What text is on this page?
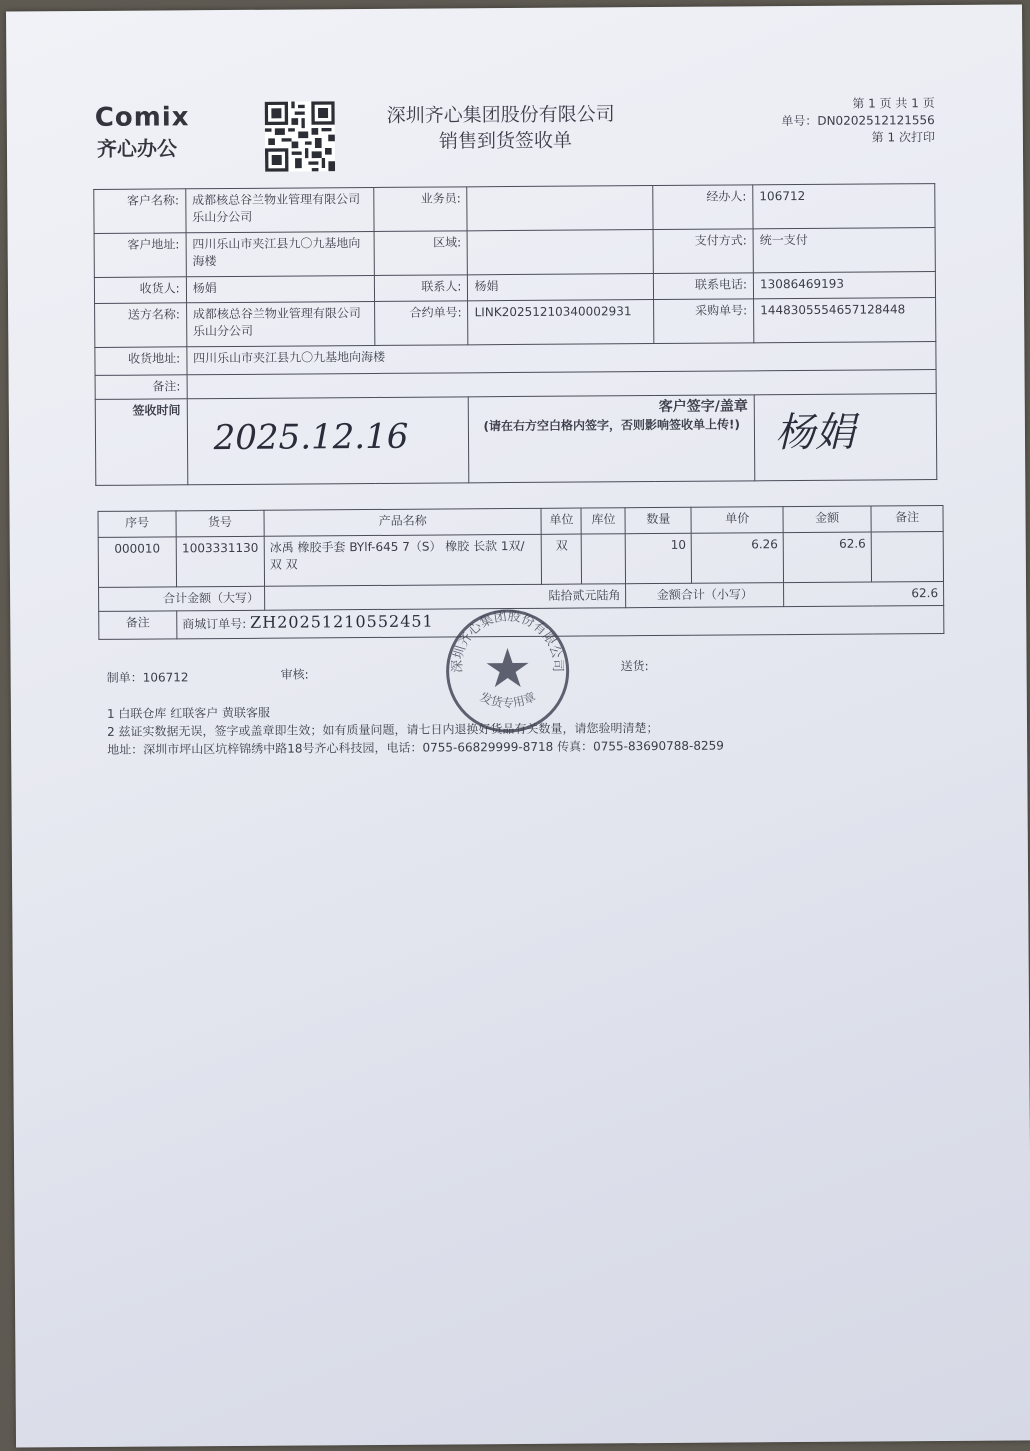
Comix
齐心办公
深圳齐心集团股份有限公司
销售到货签收单
第 1 页 共 1 页
单号：DN0202512121556
第 1 次打印
客户名称:	成都核总谷兰物业管理有限公司乐山分公司	业务员:		经办人:	106712
客户地址:	四川乐山市夹江县九〇九基地向海楼	区域:		支付方式:	统一支付
收货人:	杨娟	联系人:	杨娟	联系电话:	13086469193
送方名称:	成都核总谷兰物业管理有限公司乐山分公司	合约单号:	LINK20251210340002931	采购单号:	1448305554657128448
收货地址:	四川乐山市夹江县九〇九基地向海楼				
备注:					
签收时间	2025.12.16		客户签字/盖章
(请在右方空白格内签字，否则影响签收单上传!)		杨娟
序号	货号	产品名称	单位	库位	数量	单价	金额	备注
000010	1003331130	冰禹 橡胶手套 BYlf-645 7（S） 橡胶 长款 1双/双 双	双		10	6.26	62.6	
合计金额（大写）		陆拾贰元陆角			金额合计（小写）		62.6	
备注	商城订单号: ZH20251210552451							
制单：106712	审核:
送货:
1 白联仓库 红联客户 黄联客服
2 兹证实数据无误，签字或盖章即生效；如有质量问题，请七日内退换好货品有关数量，请您验明清楚；
地址：深圳市坪山区坑梓锦绣中路18号齐心科技园，电话：0755-66829999-8718 传真：0755-83690788-8259
深圳齐心集团股份有限公司
发货专用章
